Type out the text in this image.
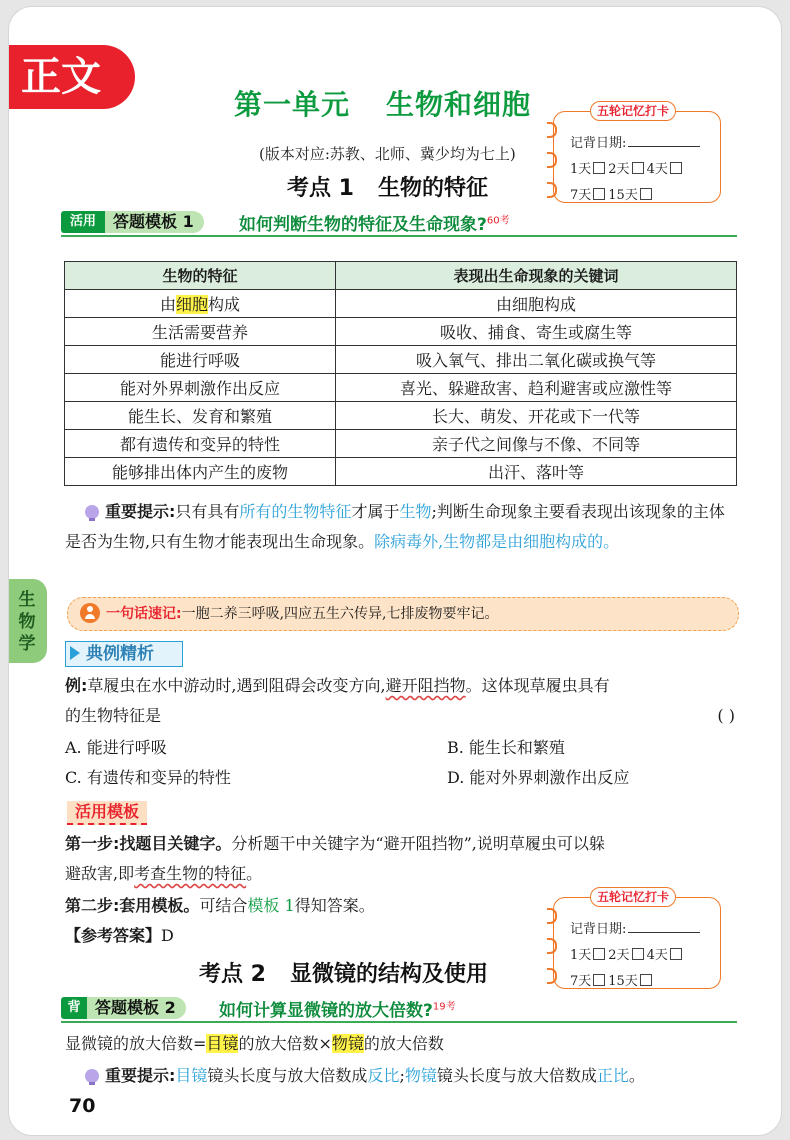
正文
第一单元 生物和细胞
(版本对应:苏教、北师、冀少均为七上)
五轮记忆打卡
记背日期:
1天 2天 4天
7天 15天
考点 1 生物的特征
活用	答题模板 1	如何判断生物的特征及生命现象?$^{60考}$
生物的特征	表现出生命现象的关键词
由细胞构成	由细胞构成
生活需要营养	吸收、捕食、寄生或腐生等
能进行呼吸	吸入氧气、排出二氧化碳或换气等
能对外界刺激作出反应	喜光、躲避敌害、趋利避害或应激性等
能生长、发育和繁殖	长大、萌发、开花或下一代等
都有遗传和变异的特性	亲子代之间像与不像、不同等
能够排出体内产生的废物	出汗、落叶等
重要提示:只有具有所有的生物特征才属于生物;判断生命现象主要看表现出该现象的主体是否为生物,只有生物才能表现出生命现象。除病毒外,生物都是由细胞构成的。
生物学
一句话速记:一胞二养三呼吸,四应五生六传异,七排废物要牢记。
典例精析
例:草履虫在水中游动时,遇到阻碍会改变方向,避开阻挡物。这体现草履虫具有
的生物特征是	( )
A. 能进行呼吸	B. 能生长和繁殖
C. 有遗传和变异的特性	D. 能对外界刺激作出反应
活用模板
第一步:找题目关键字。分析题干中关键字为“避开阻挡物”,说明草履虫可以躲
避敌害,即考查生物的特征。
第二步:套用模板。可结合模板 1得知答案。
【参考答案】D
五轮记忆打卡
记背日期:
1天 2天 4天
7天 15天
考点 2 显微镜的结构及使用
背 答题模板 2	如何计算显微镜的放大倍数?$^{19考}$
显微镜的放大倍数=目镜的放大倍数×物镜的放大倍数
重要提示:目镜镜头长度与放大倍数成反比;物镜镜头长度与放大倍数成正比。
70
